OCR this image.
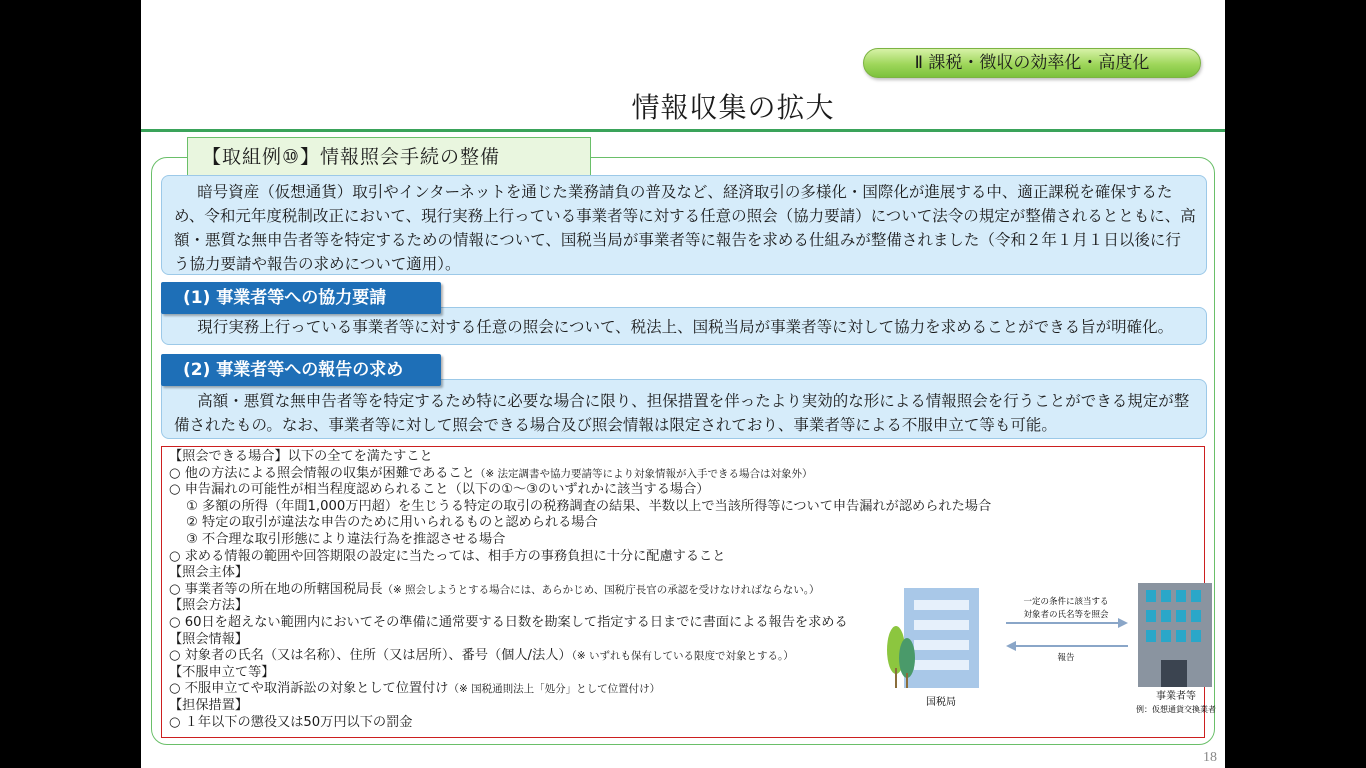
Ⅱ 課税・徴収の効率化・高度化
情報収集の拡大
【取組例⑩】情報照会手続の整備

暗号資産（仮想通貨）取引やインターネットを通じた業務請負の普及など、経済取引の多様化・国際化が進展する中、適正課税を確保するため、令和元年度税制改正において、現行実務上行っている事業者等に対する任意の照会（協力要請）について法令の規定が整備されるとともに、高額・悪質な無申告者等を特定するための情報について、国税当局が事業者等に報告を求める仕組みが整備されました（令和２年１月１日以後に行う協力要請や報告の求めについて適用）。

現行実務上行っている事業者等に対する任意の照会について、税法上、国税当局が事業者等に対して協力を求めることができる旨が明確化。

(1) 事業者等への協力要請

高額・悪質な無申告者等を特定するため特に必要な場合に限り、担保措置を伴ったより実効的な形による情報照会を行うことができる規定が整備されたもの。なお、事業者等に対して照会できる場合及び照会情報は限定されており、事業者等による不服申立て等も可能。

(2) 事業者等への報告の求め
【照会できる場合】以下の全てを満たすこと
○ 他の方法による照会情報の収集が困難であること（※ 法定調書や協力要請等により対象情報が入手できる場合は対象外）
○ 申告漏れの可能性が相当程度認められること（以下の①～③のいずれかに該当する場合）
① 多額の所得（年間1,000万円超）を生じうる特定の取引の税務調査の結果、半数以上で当該所得等について申告漏れが認められた場合
② 特定の取引が違法な申告のために用いられるものと認められる場合
③ 不合理な取引形態により違法行為を推認させる場合
○ 求める情報の範囲や回答期限の設定に当たっては、相手方の事務負担に十分に配慮すること
【照会主体】
○ 事業者等の所在地の所轄国税局長（※ 照会しようとする場合には、あらかじめ、国税庁長官の承認を受けなければならない。）
【照会方法】
○ 60日を超えない範囲内においてその準備に通常要する日数を勘案して指定する日までに書面による報告を求める
【照会情報】
○ 対象者の氏名（又は名称）、住所（又は居所）、番号（個人/法人）（※ いずれも保有している限度で対象とする。）
【不服申立て等】
○ 不服申立てや取消訴訟の対象として位置付け（※ 国税通則法上「処分」として位置付け）
【担保措置】
○ １年以下の懲役又は50万円以下の罰金
国税局
一定の条件に該当する
対象者の氏名等を照会
報告
事業者等
例：仮想通貨交換業者
18
